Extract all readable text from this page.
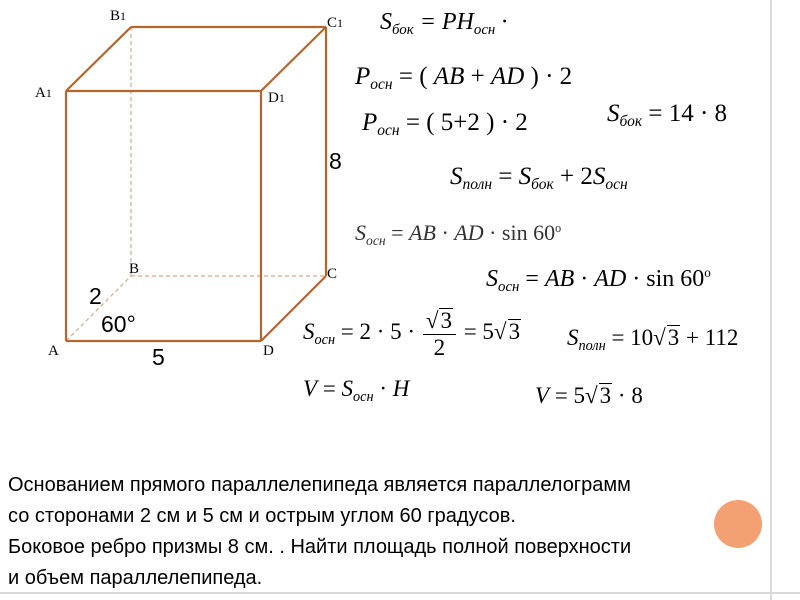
B1	C1
A1	D1
B	C
A	D
8
2
60°
5
$S_{бок} = PH_{осн}$ ·
$P_{осн}$ = ( AB + AD ) · 2
$P_{осн}$ = ( 5+2 ) · 2	$S_{бок} = 14 \cdot 8$
$S_{полн} = S_{бок} + 2S_{осн}$
$S_{осн}$ = AB · AD · sin 60$^o$
$S_{осн}$ = AB · AD · sin 60$^o$
$S_{осн} = 2 \cdot 5 \cdot \frac{√3}{2} = 5√3$ $S_{полн} = 10√3 + 112$
$V = S_{осн} \cdot H$	V = 5√3 · 8
Основанием прямого параллелепипеда является параллелограмм
со сторонами 2 см и 5 см и острым углом 60 градусов.
Боковое ребро призмы 8 см. . Найти площадь полной поверхности
и объем параллелепипеда.
